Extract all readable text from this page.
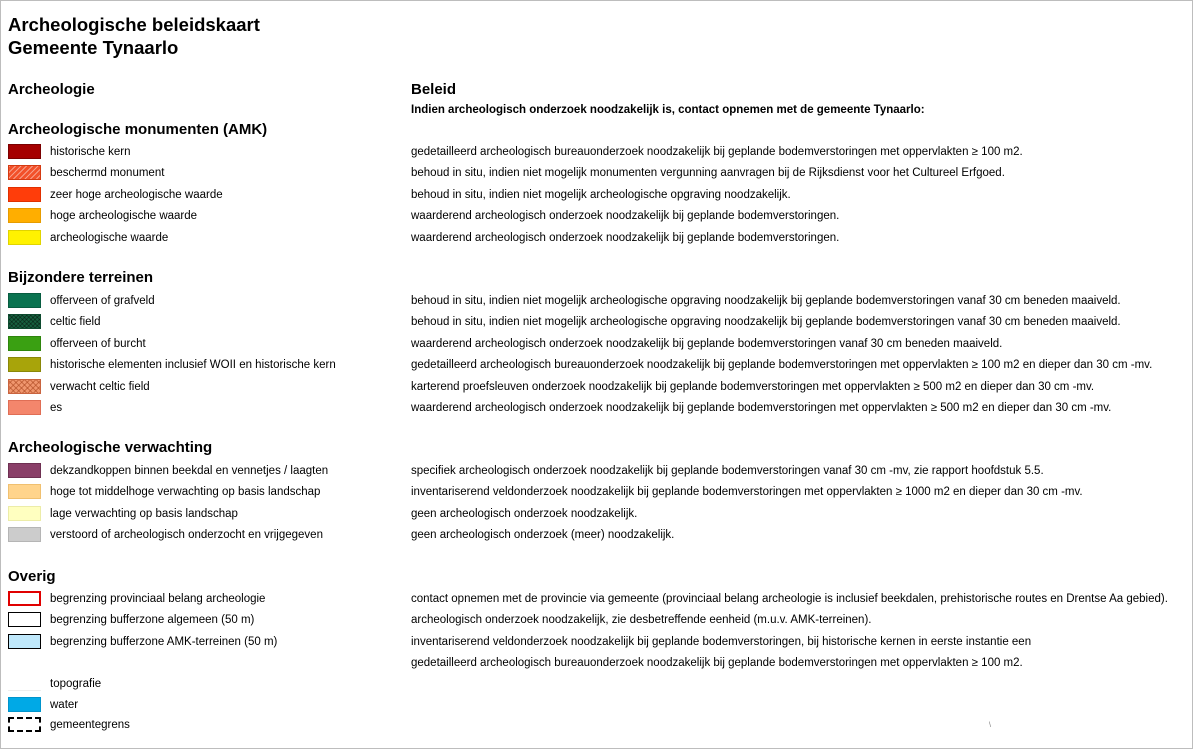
Archeologische beleidskaart
Gemeente Tynaarlo
Archeologie	Beleid
Indien archeologisch onderzoek noodzakelijk is, contact opnemen met de gemeente Tynaarlo:
Archeologische monumenten (AMK)
historische kern	gedetailleerd archeologisch bureauonderzoek noodzakelijk bij geplande bodemverstoringen met oppervlakten ≥ 100 m2.
beschermd monument	behoud in situ, indien niet mogelijk monumenten vergunning aanvragen bij de Rijksdienst voor het Cultureel Erfgoed.
zeer hoge archeologische waarde	behoud in situ, indien niet mogelijk archeologische opgraving noodzakelijk.
hoge archeologische waarde	waarderend archeologisch onderzoek noodzakelijk bij geplande bodemverstoringen.
archeologische waarde	waarderend archeologisch onderzoek noodzakelijk bij geplande bodemverstoringen.
Bijzondere terreinen
offerveen of grafveld	behoud in situ, indien niet mogelijk archeologische opgraving noodzakelijk bij geplande bodemverstoringen vanaf 30 cm beneden maaiveld.
celtic field	behoud in situ, indien niet mogelijk archeologische opgraving noodzakelijk bij geplande bodemverstoringen vanaf 30 cm beneden maaiveld.
offerveen of burcht	waarderend archeologisch onderzoek noodzakelijk bij geplande bodemverstoringen vanaf 30 cm beneden maaiveld.
historische elementen inclusief WOII en historische kern	gedetailleerd archeologisch bureauonderzoek noodzakelijk bij geplande bodemverstoringen met oppervlakten ≥ 100 m2 en dieper dan 30 cm -mv.
verwacht celtic field	karterend proefsleuven onderzoek noodzakelijk bij geplande bodemverstoringen met oppervlakten ≥ 500 m2 en dieper dan 30 cm -mv.
es	waarderend archeologisch onderzoek noodzakelijk bij geplande bodemverstoringen met oppervlakten ≥ 500 m2 en dieper dan 30 cm -mv.
Archeologische verwachting
dekzandkoppen binnen beekdal en vennetjes / laagten	specifiek archeologisch onderzoek noodzakelijk bij geplande bodemverstoringen vanaf 30 cm -mv, zie rapport hoofdstuk 5.5.
hoge tot middelhoge verwachting op basis landschap	inventariserend veldonderzoek noodzakelijk bij geplande bodemverstoringen met oppervlakten ≥ 1000 m2 en dieper dan 30 cm -mv.
lage verwachting op basis landschap	geen archeologisch onderzoek noodzakelijk.
verstoord of archeologisch onderzocht en vrijgegeven	geen archeologisch onderzoek (meer) noodzakelijk.
Overig
begrenzing provinciaal belang archeologie	contact opnemen met de provincie via gemeente (provinciaal belang archeologie is inclusief beekdalen, prehistorische routes en Drentse Aa gebied).
begrenzing bufferzone algemeen (50 m)	archeologisch onderzoek noodzakelijk, zie desbetreffende eenheid (m.u.v. AMK-terreinen).
begrenzing bufferzone AMK-terreinen (50 m)	inventariserend veldonderzoek noodzakelijk bij geplande bodemverstoringen, bij historische kernen in eerste instantie een
gedetailleerd archeologisch bureauonderzoek noodzakelijk bij geplande bodemverstoringen met oppervlakten ≥ 100 m2.
topografie
water
gemeentegrens	\
